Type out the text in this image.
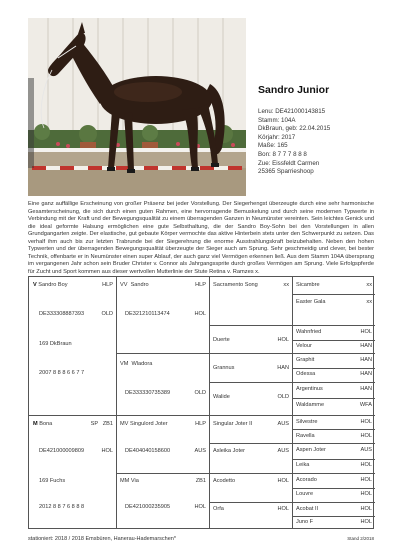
Sandro Junior
Lenu: DE421000143815
Stamm: 104A
DkBraun, geb: 22.04.2015
Körjahr: 2017
Maße: 165
Bon: 8 7 7 7 8 8 8
Zue: Eissfeldt Carmen
25365 Sparrieshoop
Eine ganz auffällige Erscheinung von großer Präsenz bei jeder Vorstellung. Der Siegerhengst überzeugte durch eine sehr harmonische Gesamterscheinung, die sich durch einen guten Rahmen, eine hervorragende Bemuskelung und durch seine modernen Typwerte in Verbindung mit der Kraft und der Bewegungsqualität zu einem überragenden Ganzen in Neumünster vereinten. Sein leichtes Genick und die ideal geformte Halsung ermöglichen eine gute Selbsthaltung, die der Sandro Boy-Sohn bei den Vorstellungen in allen Grundgangarten zeigte. Der elastische, gut gebaute Körper vermochte das aktive Hinterbein stets unter den Schwerpunkt zu setzen. Das verhalf ihm auch bis zur letzten Trabrunde bei der Siegerehrung die enorme Ausstrahlungskraft beizubehalten. Neben den hohen Typwerten und der überragenden Bewegungsqualität überzeugte der Sieger auch am Sprung. Sehr geschmeidig und clever, bei bester Technik, offenbarte er in Neumünster einen super Ablauf, der auch ganz viel Vermögen erkennen ließ. Aus dem Stamm 104A übersprang im vergangenen Jahr schon sein Bruder Christer v. Connor als Jahrgangssprite durch großes Vermögen am Sprung. Viele Erfolgspferde für Zucht und Sport kommen aus dieser wertvollen Mutterlinie der Stute Retina v. Ramzes x.
V Sandro Boy	HLP
DE333308887393	OLD
169 DkBraun
2007 8 8 8 6 6 7 7
M Bona	SP ZB1
DE421000009809	HOL
169 Fuchs
2012 8 8 7 6 8 8 8
VV Sandro	HLP
DE321210113474	HOL
VM Wladora
DE333330735389	OLD
MV Singulord Joter	HLP
DE404040158600	AUS
MM Via	ZB1
DE421000235905	HOL
Sacramento Song	xx
Duerte	HOL
Grannus	HAN
Walide	OLD
Singular Joter II	AUS
Asleika Joter	AUS
Acodetto	HOL
Orfa	HOL
Sicambre	xx
Easter Gala	xx
Wahnfried	HOL
Velour	HAN
Graphit	HAN
Odessa	HAN
Argentinus	HAN
Waldamme	WFA
Silvestre	HOL
Ravella	HOL
Aspen Joter	AUS
Leika	HOL
Acorado	HOL
Louvre	HOL
Acobat II	HOL
Juno F	HOL
stationiert: 2018 / 2018 Emsbüren, Hanerau-Hademarschen*	Stand 2/2018
